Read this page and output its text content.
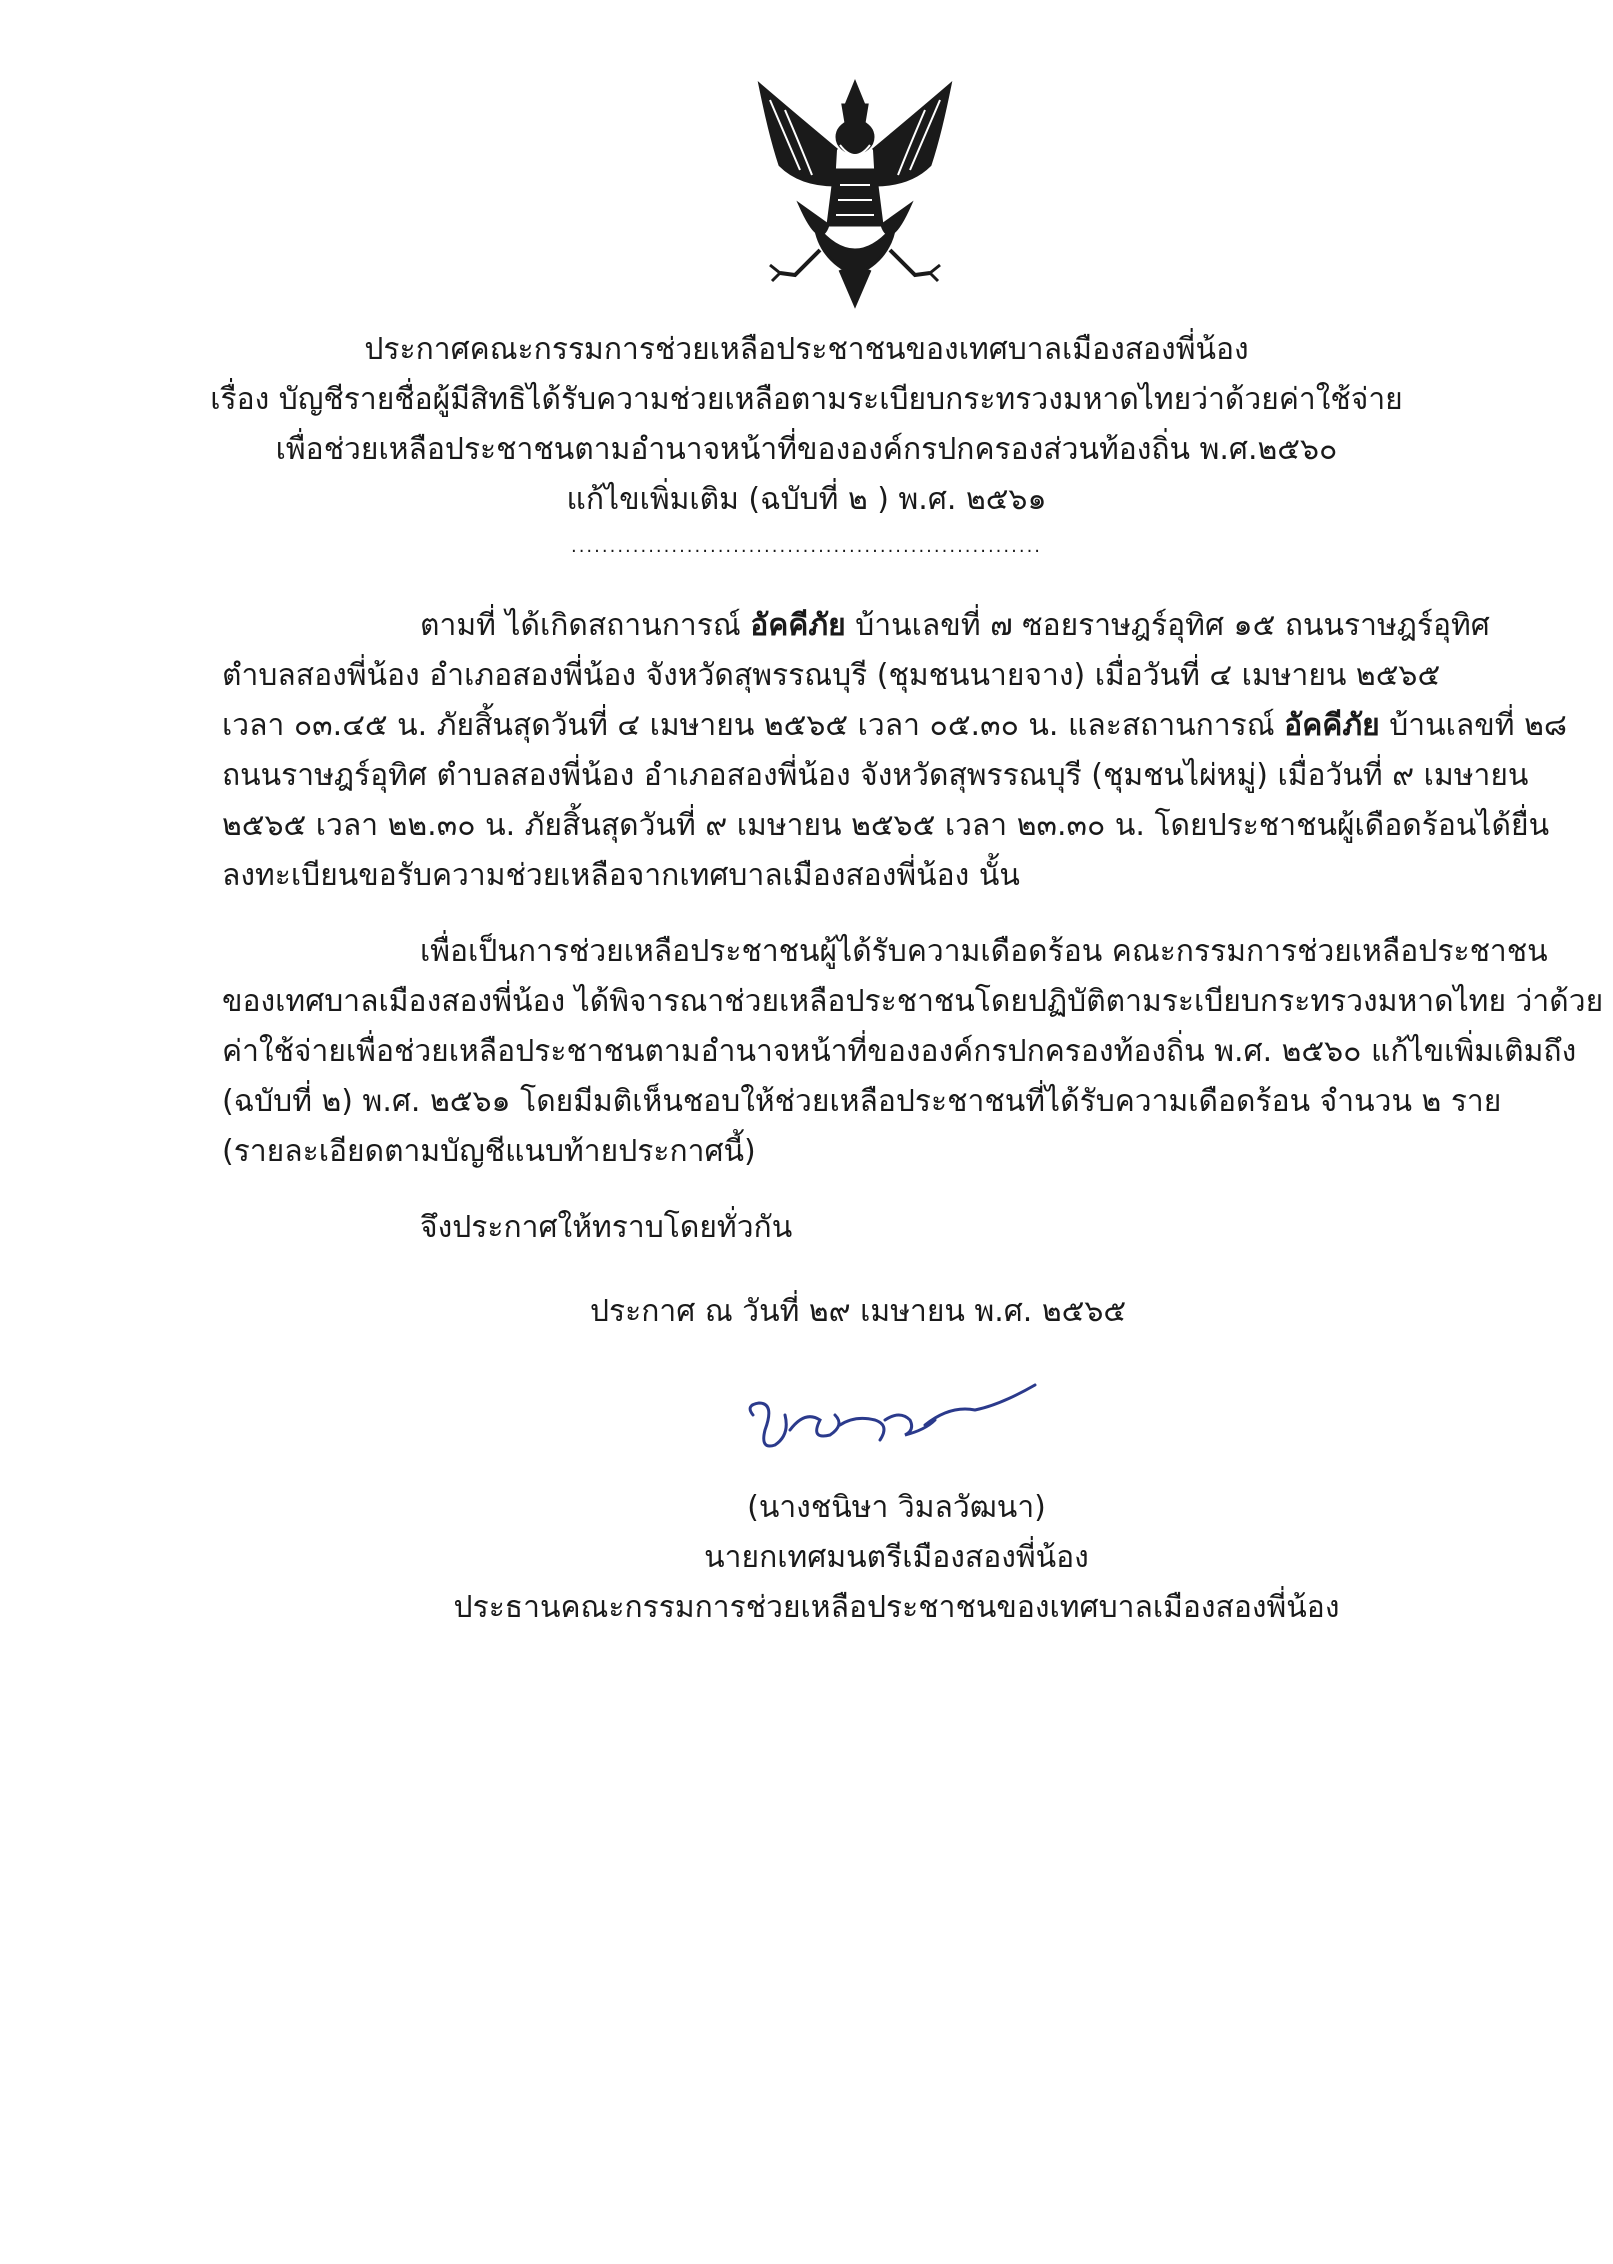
ประกาศคณะกรรมการช่วยเหลือประชาชนของเทศบาลเมืองสองพี่น้อง
เรื่อง บัญชีรายชื่อผู้มีสิทธิได้รับความช่วยเหลือตามระเบียบกระทรวงมหาดไทยว่าด้วยค่าใช้จ่าย
เพื่อช่วยเหลือประชาชนตามอำนาจหน้าที่ขององค์กรปกครองส่วนท้องถิ่น พ.ศ.๒๕๖๐
แก้ไขเพิ่มเติม (ฉบับที่ ๒ ) พ.ศ. ๒๕๖๑
.............................................................
ตามที่ ได้เกิดสถานการณ์ อัคคีภัย บ้านเลขที่ ๗ ซอยราษฎร์อุทิศ ๑๕ ถนนราษฎร์อุทิศ
ตำบลสองพี่น้อง อำเภอสองพี่น้อง จังหวัดสุพรรณบุรี (ชุมชนนายจาง) เมื่อวันที่ ๔ เมษายน ๒๕๖๕
เวลา ๐๓.๔๕ น. ภัยสิ้นสุดวันที่ ๔ เมษายน ๒๕๖๕ เวลา ๐๕.๓๐ น. และสถานการณ์ อัคคีภัย บ้านเลขที่ ๒๘
ถนนราษฎร์อุทิศ ตำบลสองพี่น้อง อำเภอสองพี่น้อง จังหวัดสุพรรณบุรี (ชุมชนไผ่หมู่) เมื่อวันที่ ๙ เมษายน
๒๕๖๕ เวลา ๒๒.๓๐ น. ภัยสิ้นสุดวันที่ ๙ เมษายน ๒๕๖๕ เวลา ๒๓.๓๐ น. โดยประชาชนผู้เดือดร้อนได้ยื่น
ลงทะเบียนขอรับความช่วยเหลือจากเทศบาลเมืองสองพี่น้อง นั้น
เพื่อเป็นการช่วยเหลือประชาชนผู้ได้รับความเดือดร้อน คณะกรรมการช่วยเหลือประชาชน
ของเทศบาลเมืองสองพี่น้อง ได้พิจารณาช่วยเหลือประชาชนโดยปฏิบัติตามระเบียบกระทรวงมหาดไทย ว่าด้วย
ค่าใช้จ่ายเพื่อช่วยเหลือประชาชนตามอำนาจหน้าที่ขององค์กรปกครองท้องถิ่น พ.ศ. ๒๕๖๐ แก้ไขเพิ่มเติมถึง
(ฉบับที่ ๒) พ.ศ. ๒๕๖๑ โดยมีมติเห็นชอบให้ช่วยเหลือประชาชนที่ได้รับความเดือดร้อน จำนวน ๒ ราย
(รายละเอียดตามบัญชีแนบท้ายประกาศนี้)
จึงประกาศให้ทราบโดยทั่วกัน
ประกาศ ณ วันที่ ๒๙ เมษายน พ.ศ. ๒๕๖๕
(นางชนิษา วิมลวัฒนา)
นายกเทศมนตรีเมืองสองพี่น้อง
ประธานคณะกรรมการช่วยเหลือประชาชนของเทศบาลเมืองสองพี่น้อง
